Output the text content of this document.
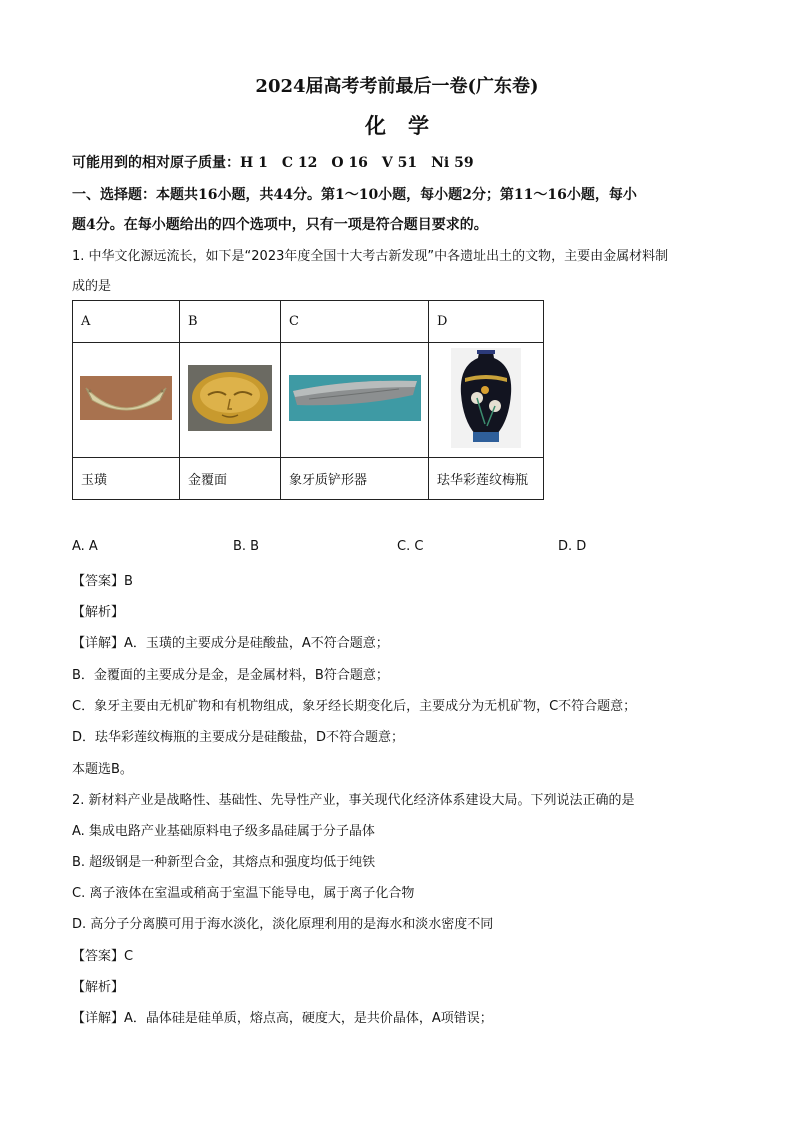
2024届高考考前最后一卷(广东卷)
化学
可能用到的相对原子质量：H 1　C 12　O 16　V 51　Ni 59
一、选择题：本题共16小题，共44分。第1～10小题，每小题2分；第11～16小题，每小
题4分。在每小题给出的四个选项中，只有一项是符合题目要求的。
1. 中华文化源远流长，如下是“2023年度全国十大考古新发现”中各遗址出土的文物，主要由金属材料制
成的是
A	B	C	D

玉璜	金覆面	象牙质铲形器	珐华彩莲纹梅瓶
A. A	B. B	C. C	D. D
【答案】B
【解析】
【详解】A．玉璜的主要成分是硅酸盐，A不符合题意；
B．金覆面的主要成分是金，是金属材料，B符合题意；
C．象牙主要由无机矿物和有机物组成，象牙经长期变化后，主要成分为无机矿物，C不符合题意；
D．珐华彩莲纹梅瓶的主要成分是硅酸盐，D不符合题意；
本题选B。
2. 新材料产业是战略性、基础性、先导性产业，事关现代化经济体系建设大局。下列说法正确的是
A. 集成电路产业基础原料电子级多晶硅属于分子晶体
B. 超级钢是一种新型合金，其熔点和强度均低于纯铁
C. 离子液体在室温或稍高于室温下能导电，属于离子化合物
D. 高分子分离膜可用于海水淡化，淡化原理利用的是海水和淡水密度不同
【答案】C
【解析】
【详解】A．晶体硅是硅单质，熔点高，硬度大，是共价晶体，A项错误；
